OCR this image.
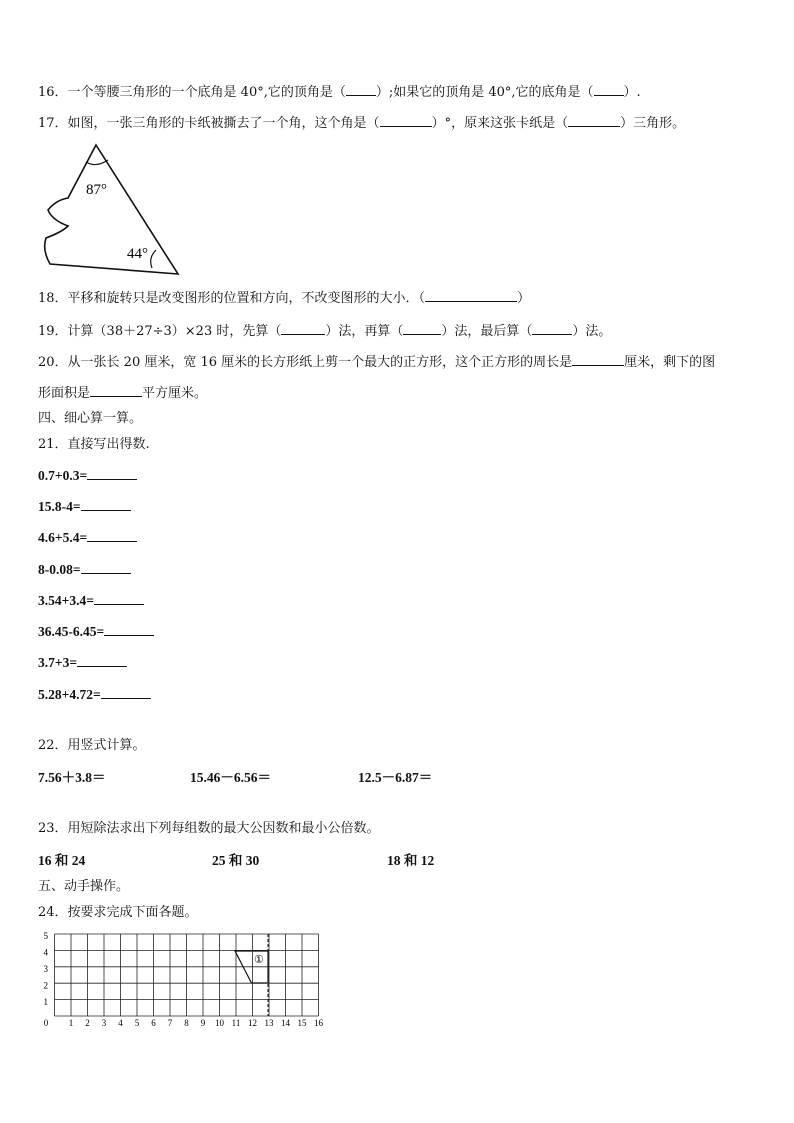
16．一个等腰三角形的一个底角是 40°,它的顶角是（ ）;如果它的顶角是 40°,它的底角是（ ）.
17．如图，一张三角形的卡纸被撕去了一个角，这个角是（	）°，原来这张卡纸是（	）三角形。
87°
44°
18．平移和旋转只是改变图形的位置和方向，不改变图形的大小．（	）
19．计算（38＋27÷3）×23 时，先算（	）法，再算（	）法，最后算（	）法。
20．从一张长 20 厘米，宽 16 厘米的长方形纸上剪一个最大的正方形，这个正方形的周长是	厘米，剩下的图
形面积是	平方厘米。
四、细心算一算。
21．直接写出得数.
0.7+0.3=
15.8-4=
4.6+5.4=
8-0.08=
3.54+3.4=
36.45-6.45=
3.7+3=
5.28+4.72=
22．用竖式计算。
7.56＋3.8＝	15.46－6.56＝	12.5－6.87＝
23．用短除法求出下列每组数的最大公因数和最小公倍数。
16 和 24	25 和 30	18 和 12
五、动手操作。
24．按要求完成下面各题。
5
4
3
2
1
0 1 2 3 4 5 6 7 8 9 10 11 12 13 14 15 16
①
